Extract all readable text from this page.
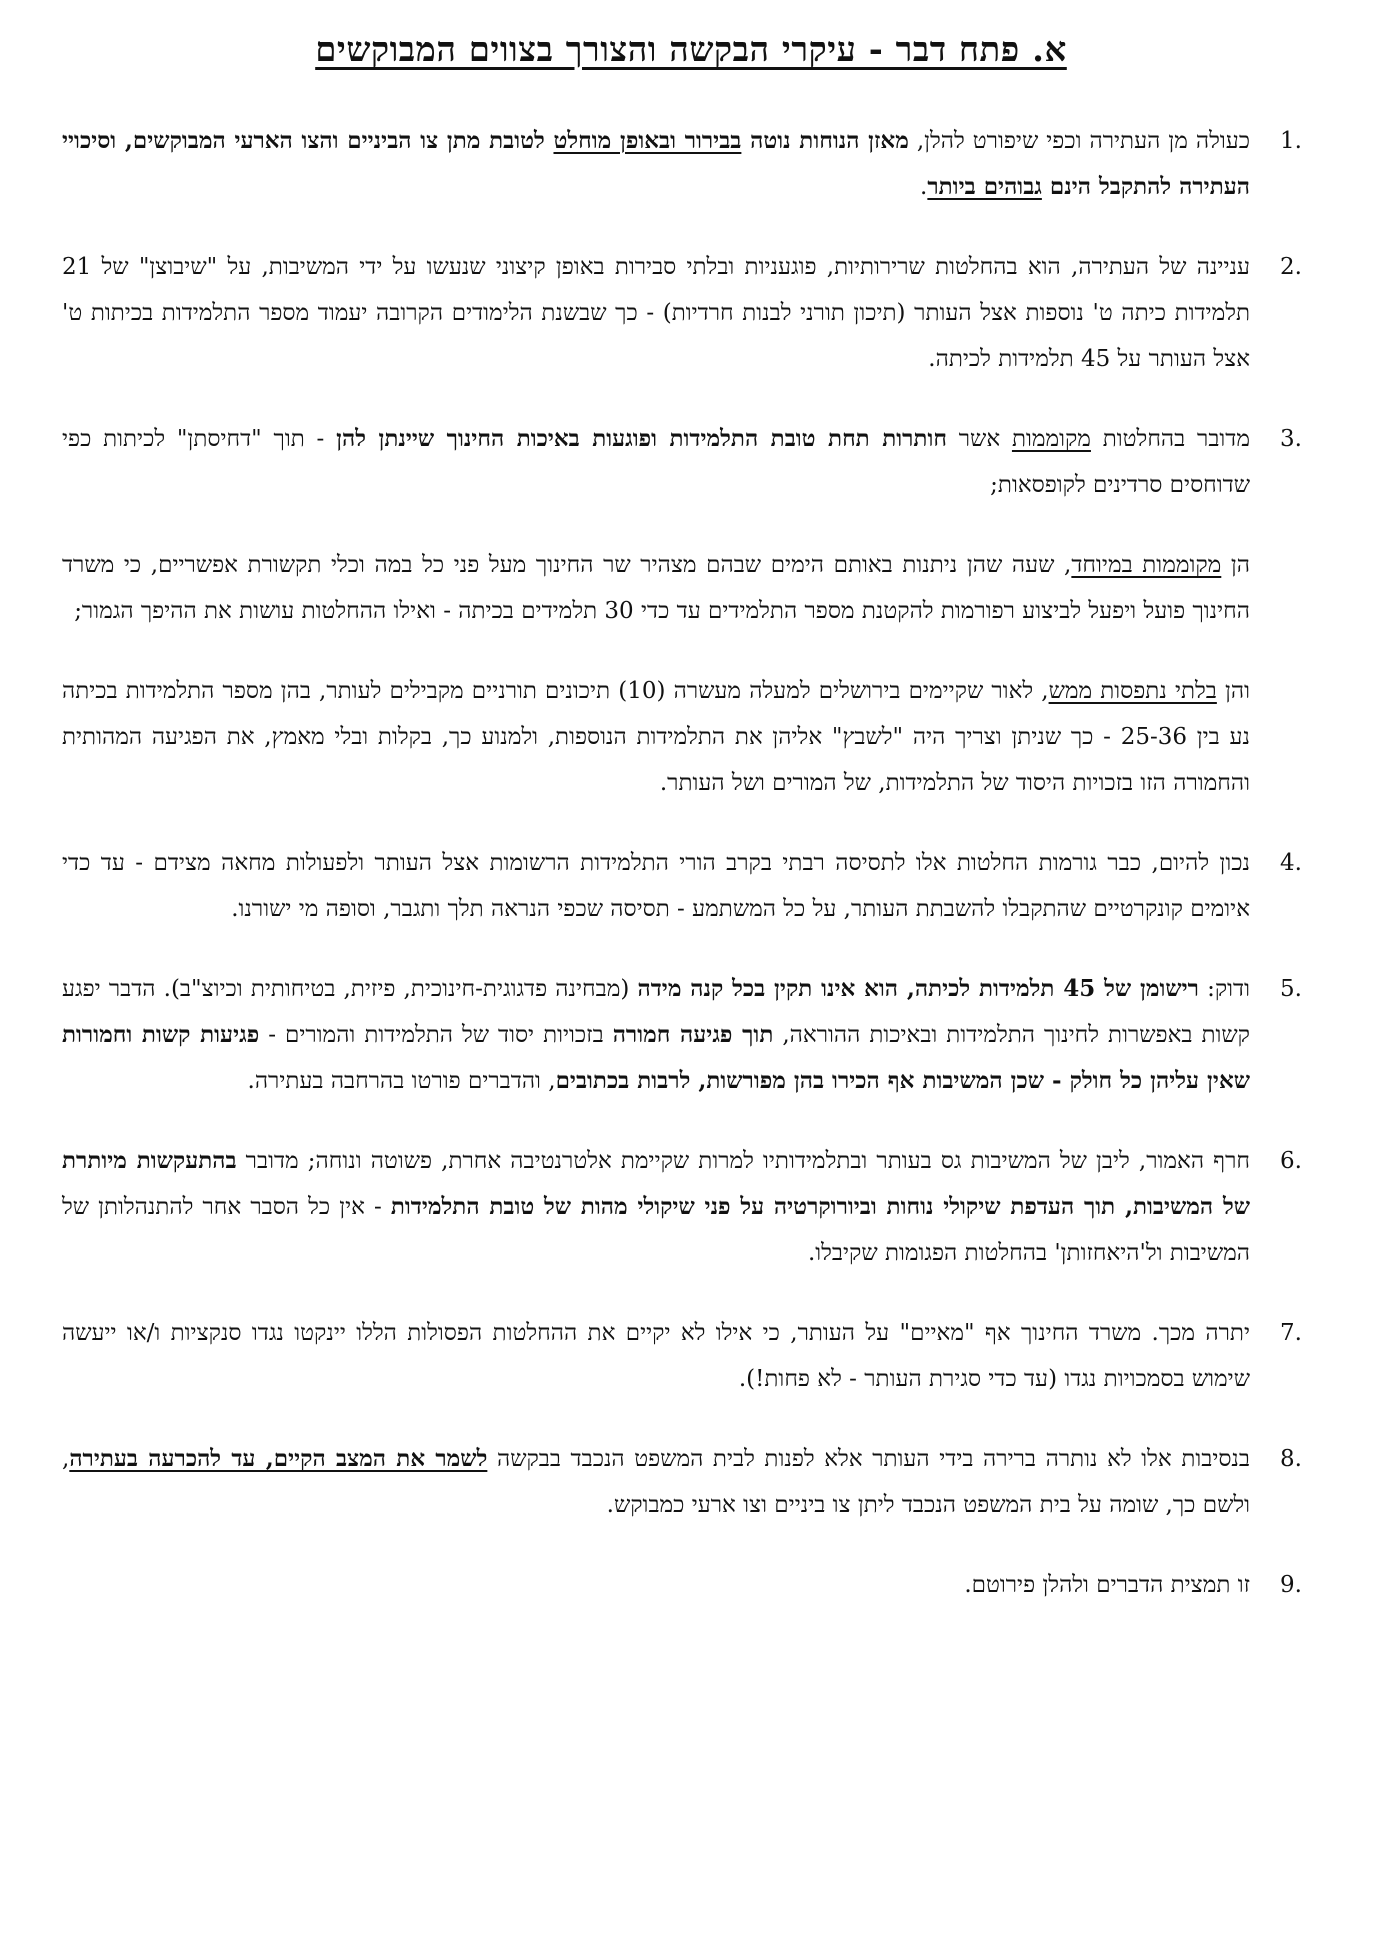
א. פתח דבר - עיקרי הבקשה והצורך בצווים המבוקשים
1.
כעולה מן העתירה וכפי שיפורט להלן, מאזן הנוחות נוטה בבירור ובאופן מוחלט לטובת מתן צו הביניים והצו הארעי המבוקשים, וסיכויי העתירה להתקבל הינם גבוהים ביותר.
2.
עניינה של העתירה, הוא בהחלטות שרירותיות, פוגעניות ובלתי סבירות באופן קיצוני שנעשו על ידי המשיבות, על "שיבוצן" של 21 תלמידות כיתה ט' נוספות אצל העותר (תיכון תורני לבנות חרדיות) - כך שבשנת הלימודים הקרובה יעמוד מספר התלמידות בכיתות ט' אצל העותר על 45 תלמידות לכיתה.
3.
מדובר בהחלטות מקוממות אשר חותרות תחת טובת התלמידות ופוגעות באיכות החינוך שיינתן להן - תוך "דחיסתן" לכיתות כפי שדוחסים סרדינים לקופסאות;
הן מקוממות במיוחד, שעה שהן ניתנות באותם הימים שבהם מצהיר שר החינוך מעל פני כל במה וכלי תקשורת אפשריים, כי משרד החינוך פועל ויפעל לביצוע רפורמות להקטנת מספר התלמידים עד כדי 30 תלמידים בכיתה - ואילו ההחלטות עושות את ההיפך הגמור;
והן בלתי נתפסות ממש, לאור שקיימים בירושלים למעלה מעשרה (10) תיכונים תורניים מקבילים לעותר, בהן מספר התלמידות בכיתה נע בין 25-36 - כך שניתן וצריך היה "לשבץ" אליהן את התלמידות הנוספות, ולמנוע כך, בקלות ובלי מאמץ, את הפגיעה המהותית והחמורה הזו בזכויות היסוד של התלמידות, של המורים ושל העותר.
4.
נכון להיום, כבר גורמות החלטות אלו לתסיסה רבתי בקרב הורי התלמידות הרשומות אצל העותר ולפעולות מחאה מצידם - עד כדי איומים קונקרטיים שהתקבלו להשבתת העותר, על כל המשתמע - תסיסה שכפי הנראה תלך ותגבר, וסופה מי ישורנו.
5.
ודוק: רישומן של 45 תלמידות לכיתה, הוא אינו תקין בכל קנה מידה (מבחינה פדגוגית-חינוכית, פיזית, בטיחותית וכיוצ"ב). הדבר יפגע קשות באפשרות לחינוך התלמידות ובאיכות ההוראה, תוך פגיעה חמורה בזכויות יסוד של התלמידות והמורים - פגיעות קשות וחמורות שאין עליהן כל חולק - שכן המשיבות אף הכירו בהן מפורשות, לרבות בכתובים, והדברים פורטו בהרחבה בעתירה.
6.
חרף האמור, ליבן של המשיבות גס בעותר ובתלמידותיו למרות שקיימת אלטרנטיבה אחרת, פשוטה ונוחה; מדובר בהתעקשות מיותרת של המשיבות, תוך העדפת שיקולי נוחות וביורוקרטיה על פני שיקולי מהות של טובת התלמידות - אין כל הסבר אחר להתנהלותן של המשיבות ול'היאחזותן' בהחלטות הפגומות שקיבלו.
7.
יתרה מכך. משרד החינוך אף "מאיים" על העותר, כי אילו לא יקיים את ההחלטות הפסולות הללו יינקטו נגדו סנקציות ו/או ייעשה שימוש בסמכויות נגדו (עד כדי סגירת העותר - לא פחות!).
8.
בנסיבות אלו לא נותרה ברירה בידי העותר אלא לפנות לבית המשפט הנכבד בבקשה לשמר את המצב הקיים, עד להכרעה בעתירה, ולשם כך, שומה על בית המשפט הנכבד ליתן צו ביניים וצו ארעי כמבוקש.
9.
זו תמצית הדברים ולהלן פירוטם.
